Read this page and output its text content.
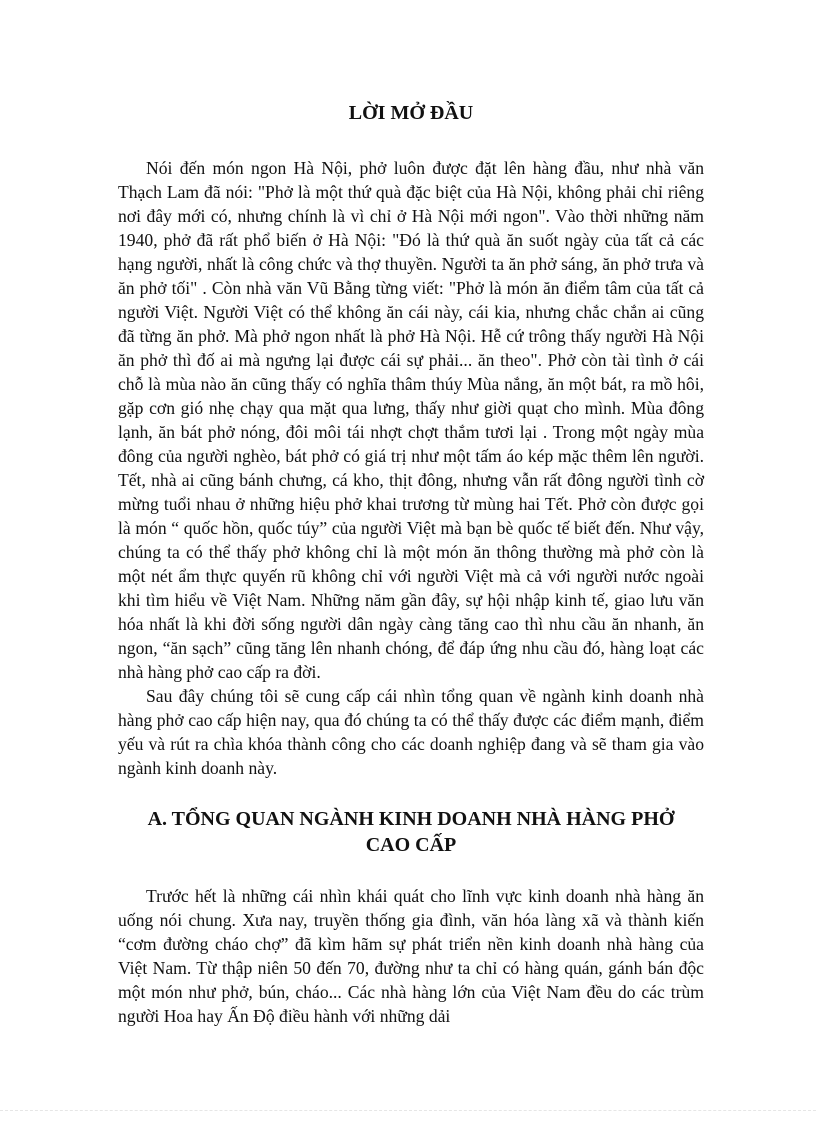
LỜI MỞ ĐẦU

Nói đến món ngon Hà Nội, phở luôn được đặt lên hàng đầu, như nhà văn Thạch Lam đã nói: "Phở là một thứ quà đặc biệt của Hà Nội, không phải chỉ riêng nơi đây mới có, nhưng chính là vì chỉ ở Hà Nội mới ngon". Vào thời những năm 1940, phở đã rất phổ biến ở Hà Nội: "Đó là thứ quà ăn suốt ngày của tất cả các hạng người, nhất là công chức và thợ thuyền. Người ta ăn phở sáng, ăn phở trưa và ăn phở tối" . Còn nhà văn Vũ Bằng từng viết: "Phở là món ăn điểm tâm của tất cả người Việt. Người Việt có thể không ăn cái này, cái kia, nhưng chắc chắn ai cũng đã từng ăn phở. Mà phở ngon nhất là phở Hà Nội. Hễ cứ trông thấy người Hà Nội ăn phở thì đố ai mà ngưng lại được cái sự phải... ăn theo". Phở còn tài tình ở cái chỗ là mùa nào ăn cũng thấy có nghĩa thâm thúy Mùa nắng, ăn một bát, ra mồ hôi, gặp cơn gió nhẹ chạy qua mặt qua lưng, thấy như giời quạt cho mình. Mùa đông lạnh, ăn bát phở nóng, đôi môi tái nhợt chợt thắm tươi lại . Trong một ngày mùa đông của người nghèo, bát phở có giá trị như một tấm áo kép mặc thêm lên người. Tết, nhà ai cũng bánh chưng, cá kho, thịt đông, nhưng vẫn rất đông người tình cờ mừng tuổi nhau ở những hiệu phở khai trương từ mùng hai Tết. Phở còn được gọi là món “ quốc hồn, quốc túy” của người Việt mà bạn bè quốc tế biết đến. Như vậy, chúng ta có thể thấy phở không chỉ là một món ăn thông thường mà phở còn là một nét ẩm thực quyến rũ không chỉ với người Việt mà cả với người nước ngoài khi tìm hiểu về Việt Nam. Những năm gần đây, sự hội nhập kinh tế, giao lưu văn hóa nhất là khi đời sống người dân ngày càng tăng cao thì nhu cầu ăn nhanh, ăn ngon, “ăn sạch” cũng tăng lên nhanh chóng, để đáp ứng nhu cầu đó, hàng loạt các nhà hàng phở cao cấp ra đời.

Sau đây chúng tôi sẽ cung cấp cái nhìn tổng quan về ngành kinh doanh nhà hàng phở cao cấp hiện nay, qua đó chúng ta có thể thấy được các điểm mạnh, điểm yếu và rút ra chìa khóa thành công cho các doanh nghiệp đang và sẽ tham gia vào ngành kinh doanh này.

A. TỔNG QUAN NGÀNH KINH DOANH NHÀ HÀNG PHỞ CAO CẤP

Trước hết là những cái nhìn khái quát cho lĩnh vực kinh doanh nhà hàng ăn uống nói chung. Xưa nay, truyền thống gia đình, văn hóa làng xã và thành kiến “cơm đường cháo chợ” đã kìm hãm sự phát triển nền kinh doanh nhà hàng của Việt Nam. Từ thập niên 50 đến 70, đường như ta chỉ có hàng quán, gánh bán độc một món như phở, bún, cháo... Các nhà hàng lớn của Việt Nam đều do các trùm người Hoa hay Ấn Độ điều hành với những dải
